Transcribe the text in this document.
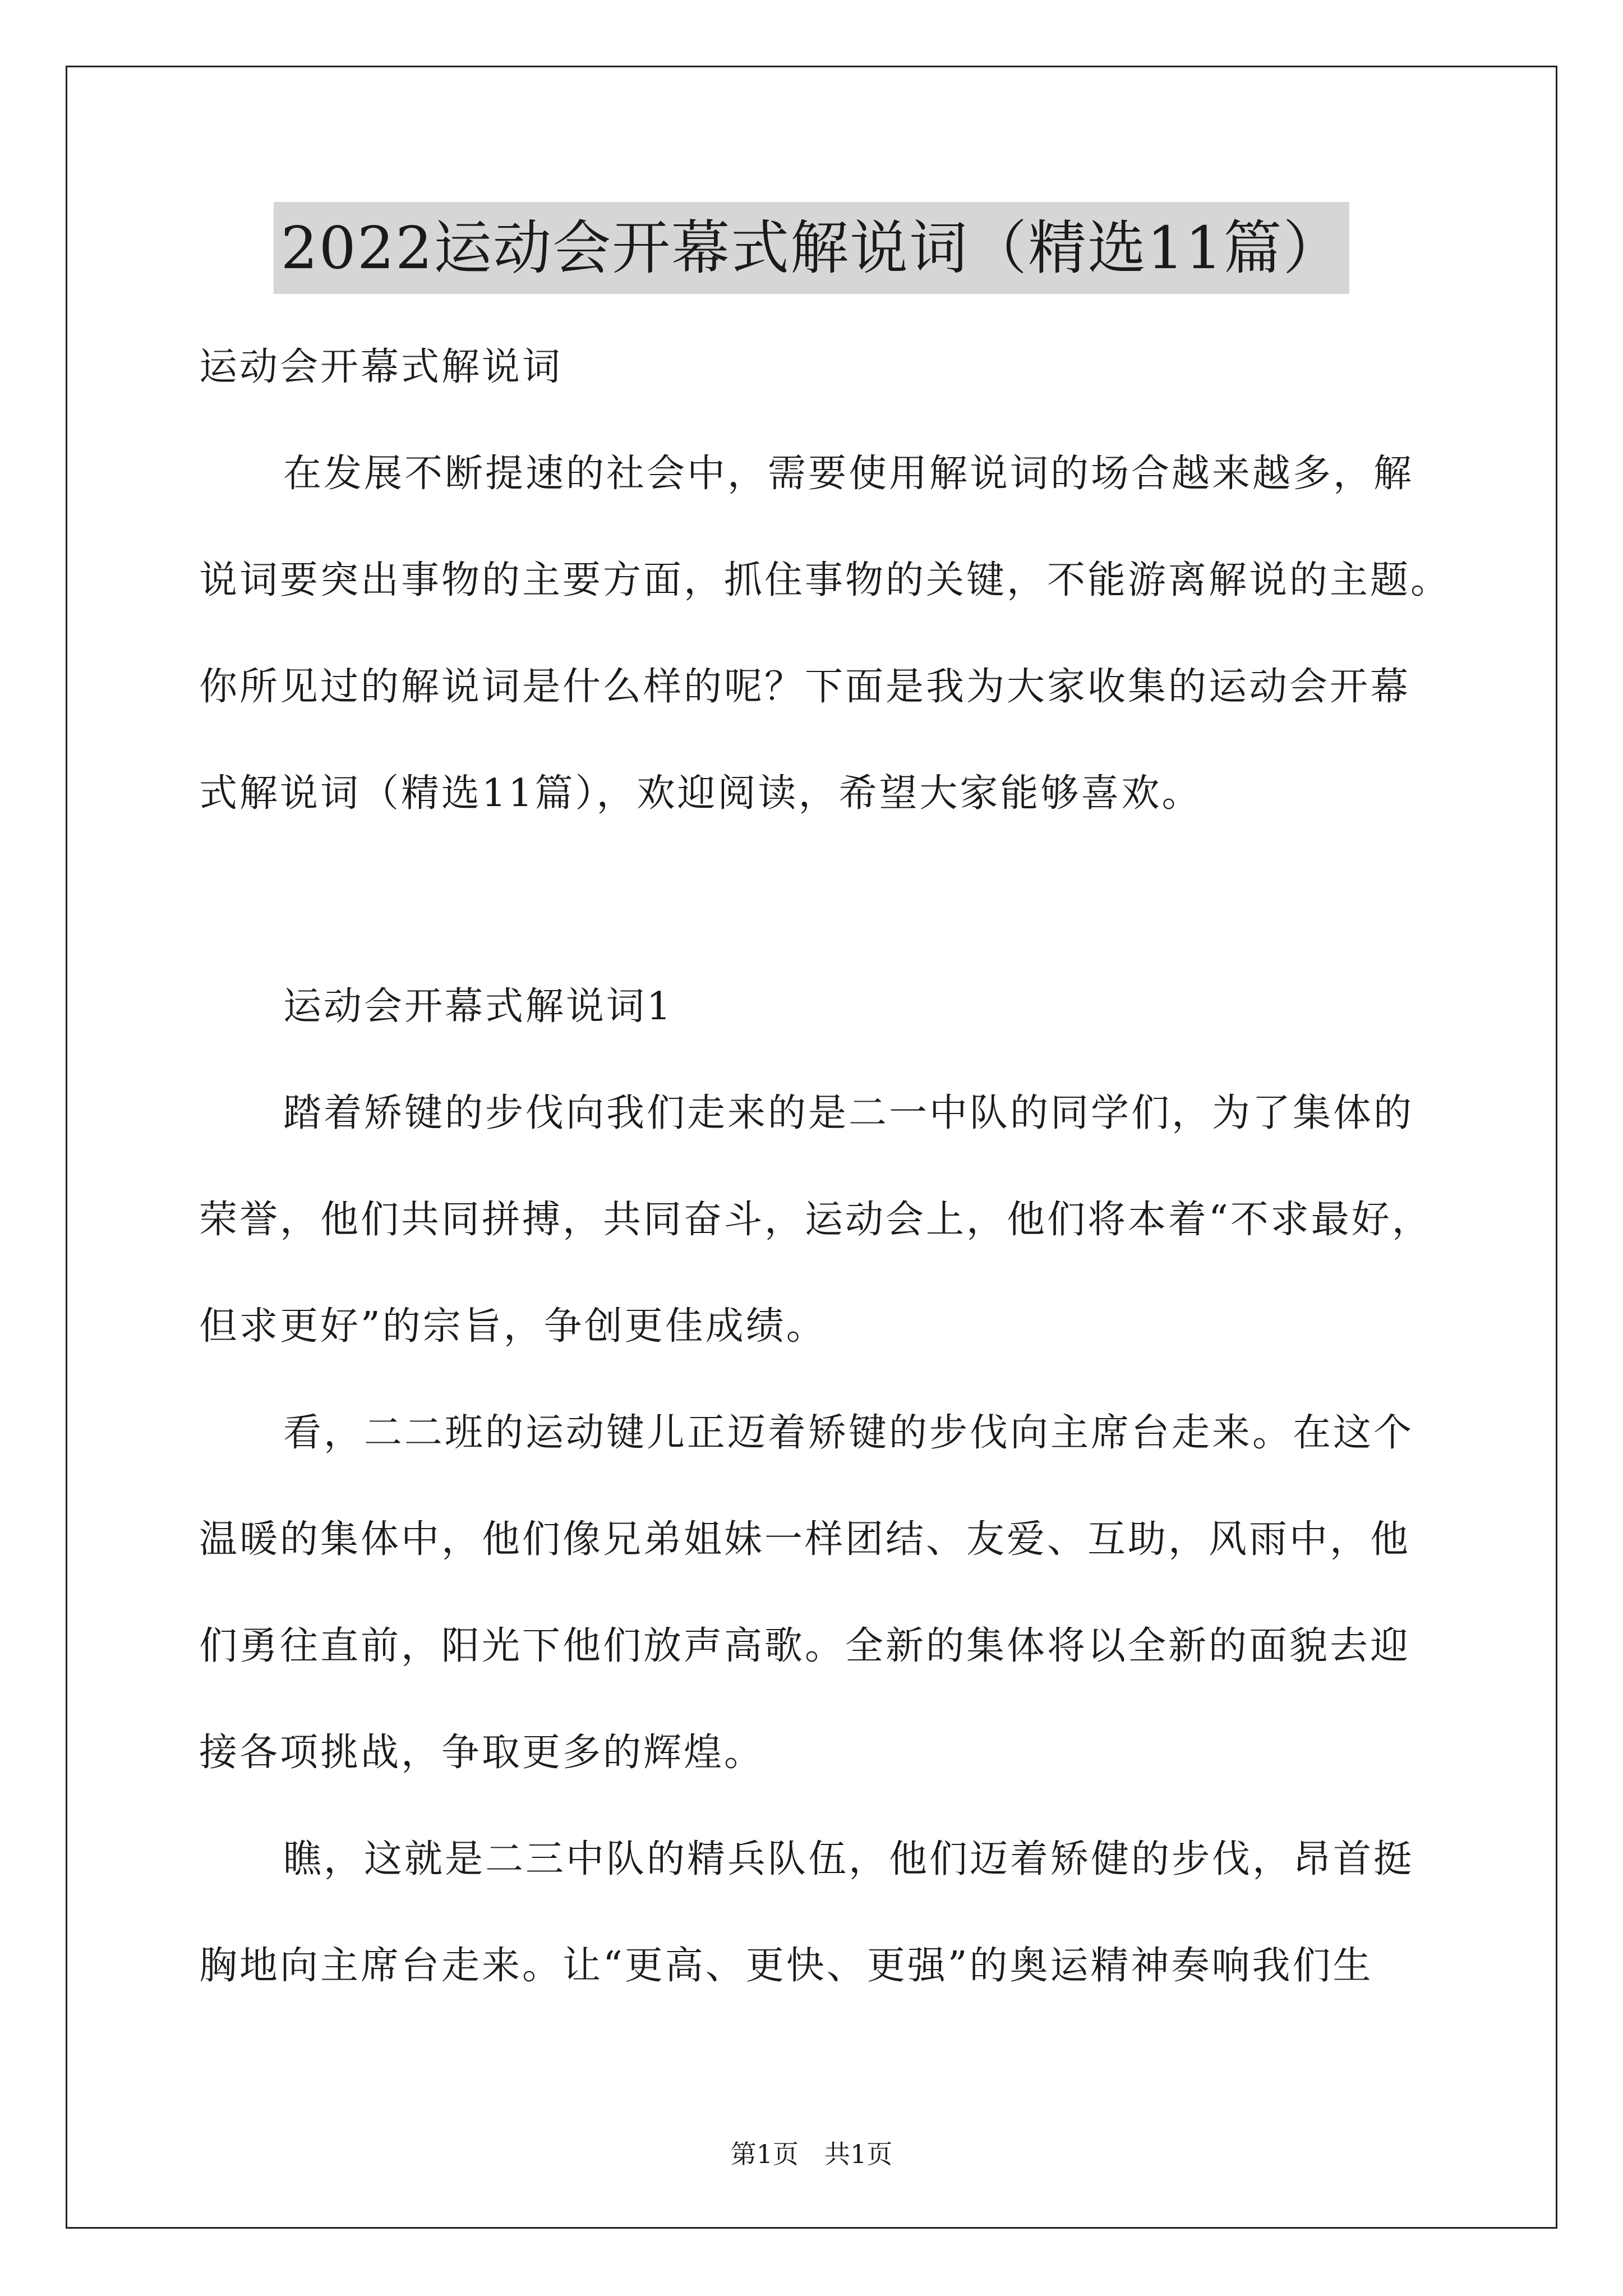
2022运动会开幕式解说词（精选11篇）
运动会开幕式解说词
在发展不断提速的社会中，需要使用解说词的场合越来越多，解
说词要突出事物的主要方面，抓住事物的关键，不能游离解说的主题。
你所见过的解说词是什么样的呢？下面是我为大家收集的运动会开幕
式解说词（精选11篇），欢迎阅读，希望大家能够喜欢。
运动会开幕式解说词1
踏着矫键的步伐向我们走来的是二一中队的同学们，为了集体的
荣誉，他们共同拼搏，共同奋斗，运动会上，他们将本着“不求最好，
但求更好”的宗旨，争创更佳成绩。
看，二二班的运动键儿正迈着矫键的步伐向主席台走来。在这个
温暖的集体中，他们像兄弟姐妹一样团结、友爱、互助，风雨中，他
们勇往直前，阳光下他们放声高歌。全新的集体将以全新的面貌去迎
接各项挑战，争取更多的辉煌。
瞧，这就是二三中队的精兵队伍，他们迈着矫健的步伐，昂首挺
胸地向主席台走来。让“更高、更快、更强”的奥运精神奏响我们生
第1页　共1页
